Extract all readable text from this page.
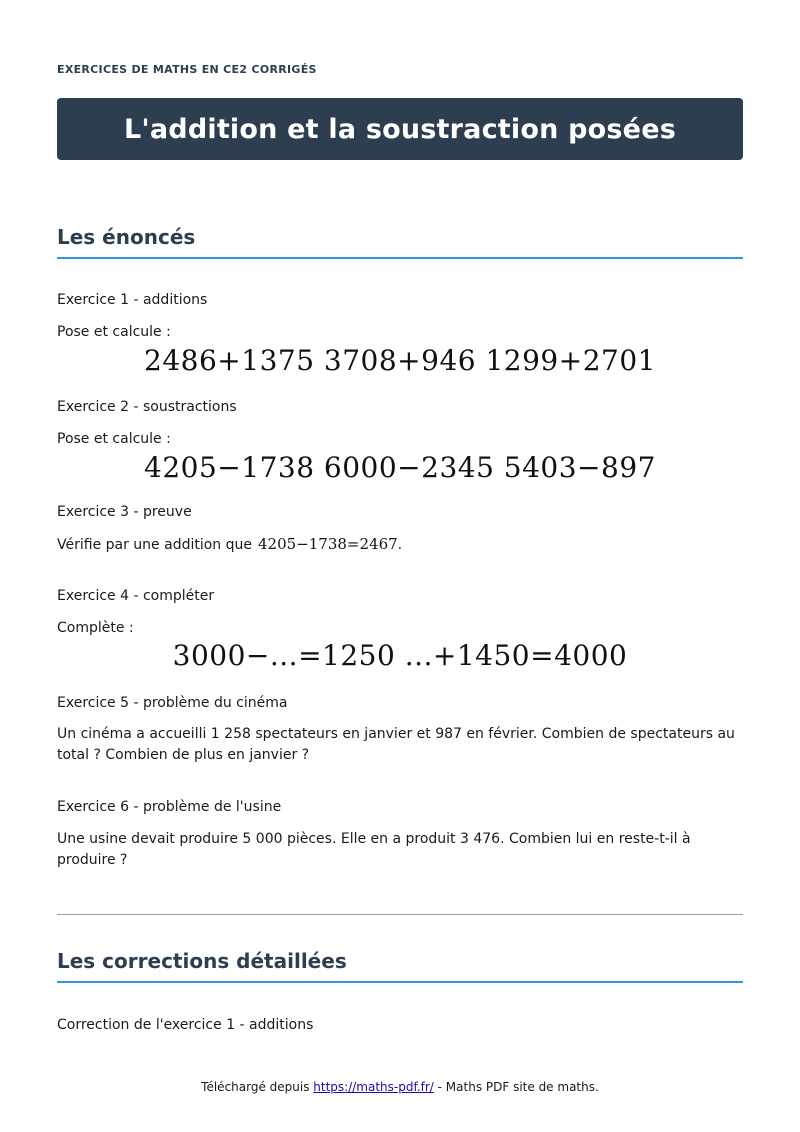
EXERCICES DE MATHS EN CE2 CORRIGÉS
L'addition et la soustraction posées
Les énoncés
Exercice 1 - additions
Pose et calcule :
2486+1375 3708+946 1299+2701
Exercice 2 - soustractions
Pose et calcule :
4205−1738 6000−2345 5403−897
Exercice 3 - preuve
Vérifie par une addition que 4205−1738=2467.
Exercice 4 - compléter
Complète :
3000−...=1250 ...+1450=4000
Exercice 5 - problème du cinéma
Un cinéma a accueilli 1 258 spectateurs en janvier et 987 en février. Combien de spectateurs au total ? Combien de plus en janvier ?
Exercice 6 - problème de l'usine
Une usine devait produire 5 000 pièces. Elle en a produit 3 476. Combien lui en reste-t-il à produire ?
Les corrections détaillées
Correction de l'exercice 1 - additions
Téléchargé depuis https://maths-pdf.fr/ - Maths PDF site de maths.
